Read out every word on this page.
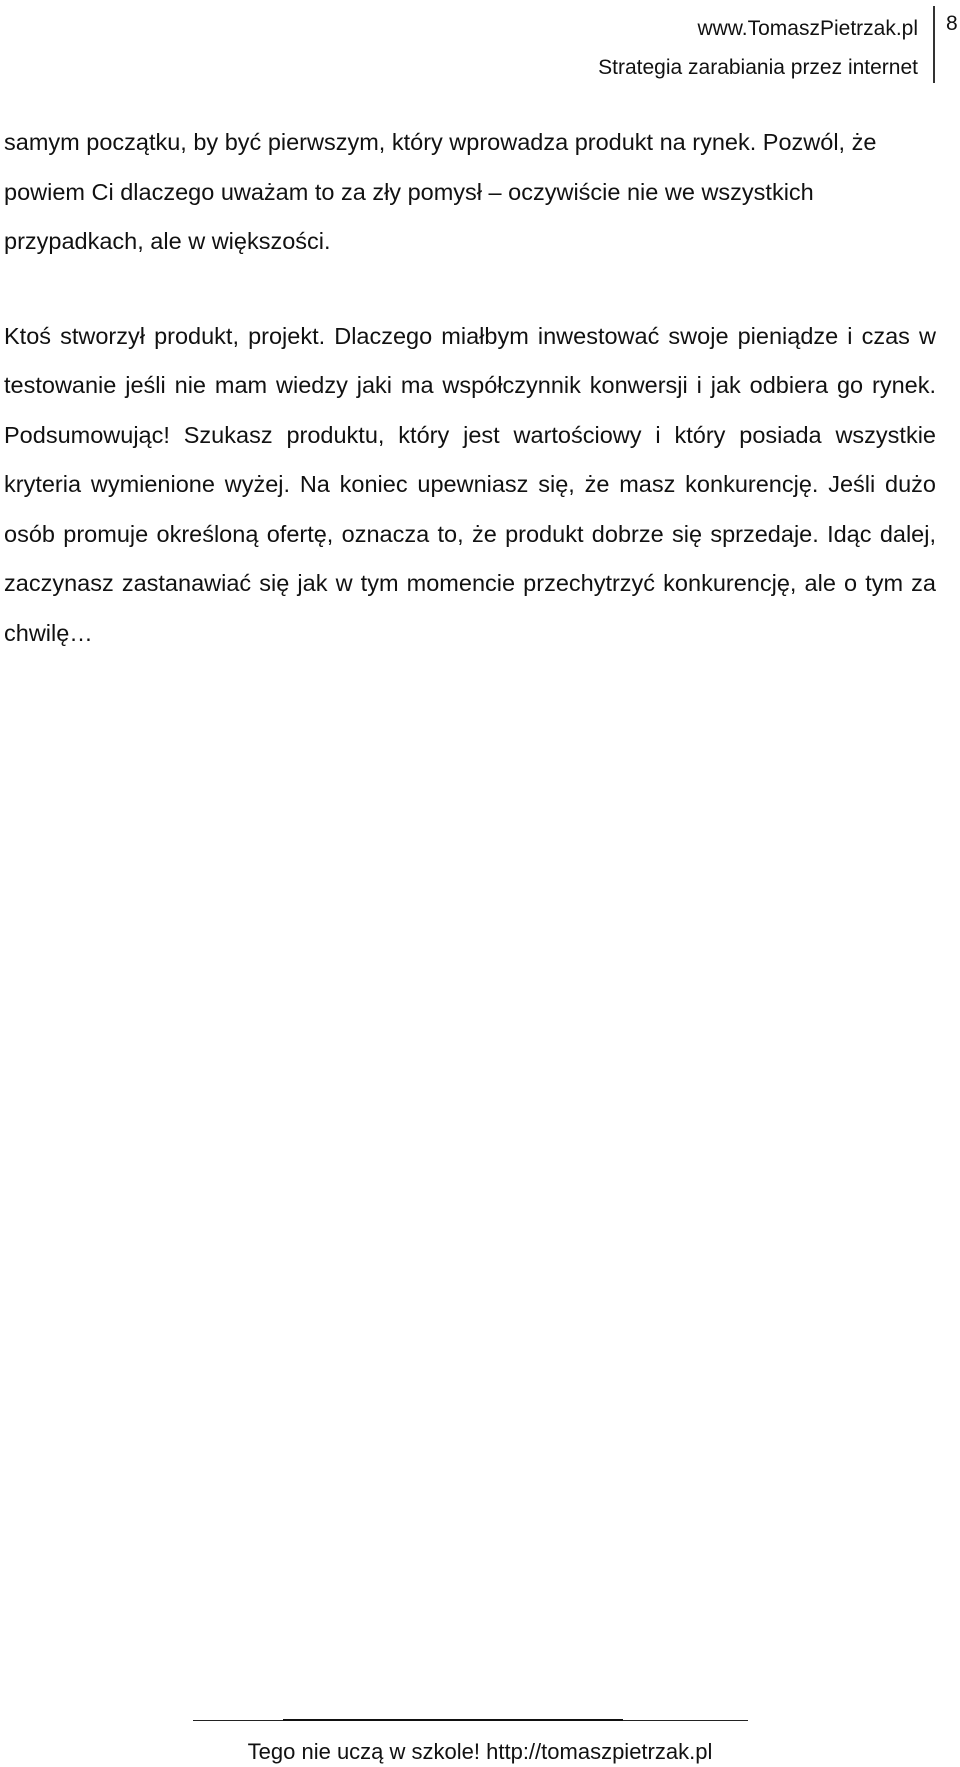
www.TomaszPietrzak.pl
Strategia zarabiania przez internet
8

samym początku, by być pierwszym, który wprowadza produkt na rynek. Pozwól, że powiem Ci dlaczego uważam to za zły pomysł – oczywiście nie we wszystkich przypadkach, ale w większości.

Ktoś stworzył produkt, projekt. Dlaczego miałbym inwestować swoje pieniądze i czas w testowanie jeśli nie mam wiedzy jaki ma współczynnik konwersji i jak odbiera go rynek. Podsumowując! Szukasz produktu, który jest wartościowy i który posiada wszystkie kryteria wymienione wyżej. Na koniec upewniasz się, że masz konkurencję. Jeśli dużo osób promuje określoną ofertę, oznacza to, że produkt dobrze się sprzedaje. Idąc dalej, zaczynasz zastanawiać się jak w tym momencie przechytrzyć konkurencję, ale o tym za chwilę…

Tego nie uczą w szkole! http://tomaszpietrzak.pl
